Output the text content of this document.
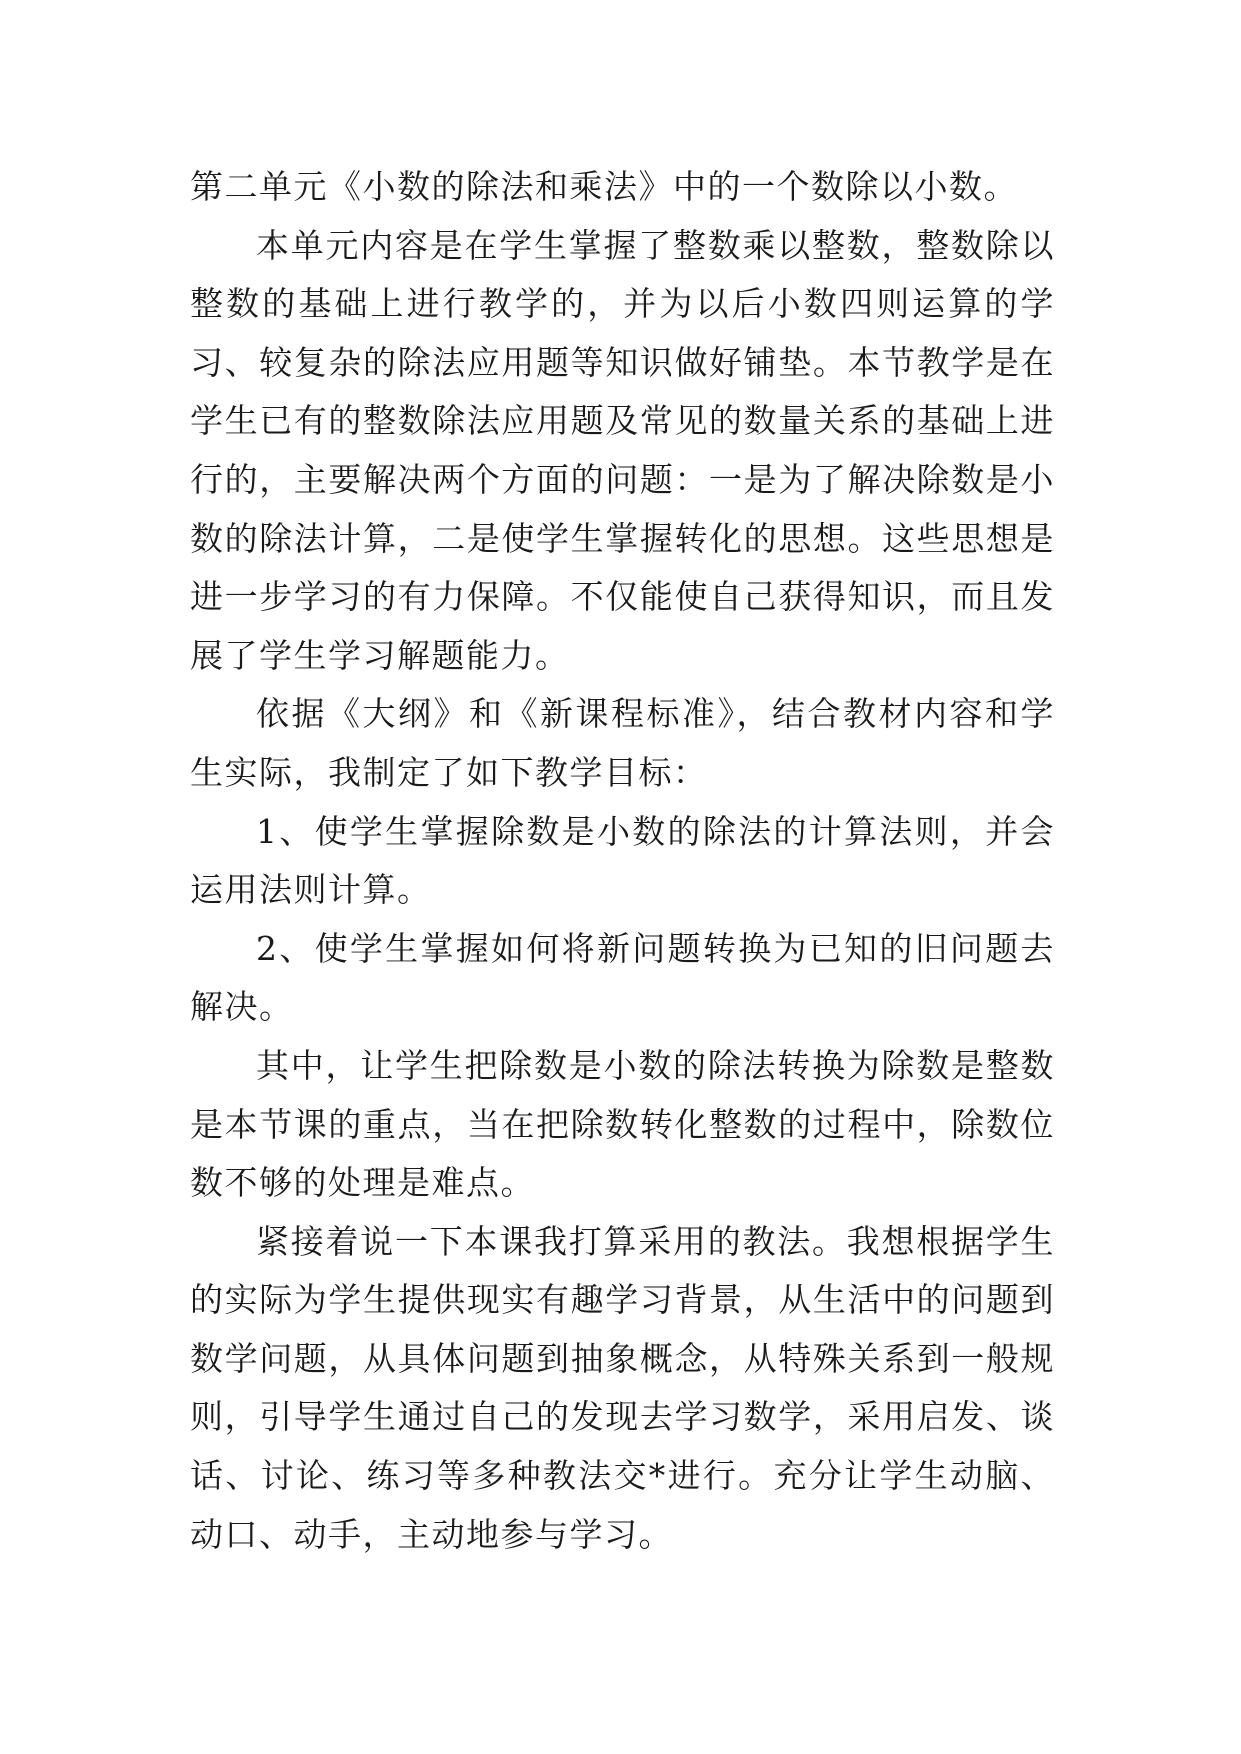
第二单元《小数的除法和乘法》中的一个数除以小数。

本单元内容是在学生掌握了整数乘以整数，整数除以整数的基础上进行教学的，并为以后小数四则运算的学习、较复杂的除法应用题等知识做好铺垫。本节教学是在学生已有的整数除法应用题及常见的数量关系的基础上进行的，主要解决两个方面的问题：一是为了解决除数是小数的除法计算，二是使学生掌握转化的思想。这些思想是进一步学习的有力保障。不仅能使自己获得知识，而且发展了学生学习解题能力。

依据《大纲》和《新课程标准》，结合教材内容和学生实际，我制定了如下教学目标：

1、使学生掌握除数是小数的除法的计算法则，并会运用法则计算。

2、使学生掌握如何将新问题转换为已知的旧问题去解决。

其中，让学生把除数是小数的除法转换为除数是整数是本节课的重点，当在把除数转化整数的过程中，除数位数不够的处理是难点。

紧接着说一下本课我打算采用的教法。我想根据学生的实际为学生提供现实有趣学习背景，从生活中的问题到数学问题，从具体问题到抽象概念，从特殊关系到一般规则，引导学生通过自己的发现去学习数学，采用启发、谈话、讨论、练习等多种教法交*进行。充分让学生动脑、动口、动手，主动地参与学习。
